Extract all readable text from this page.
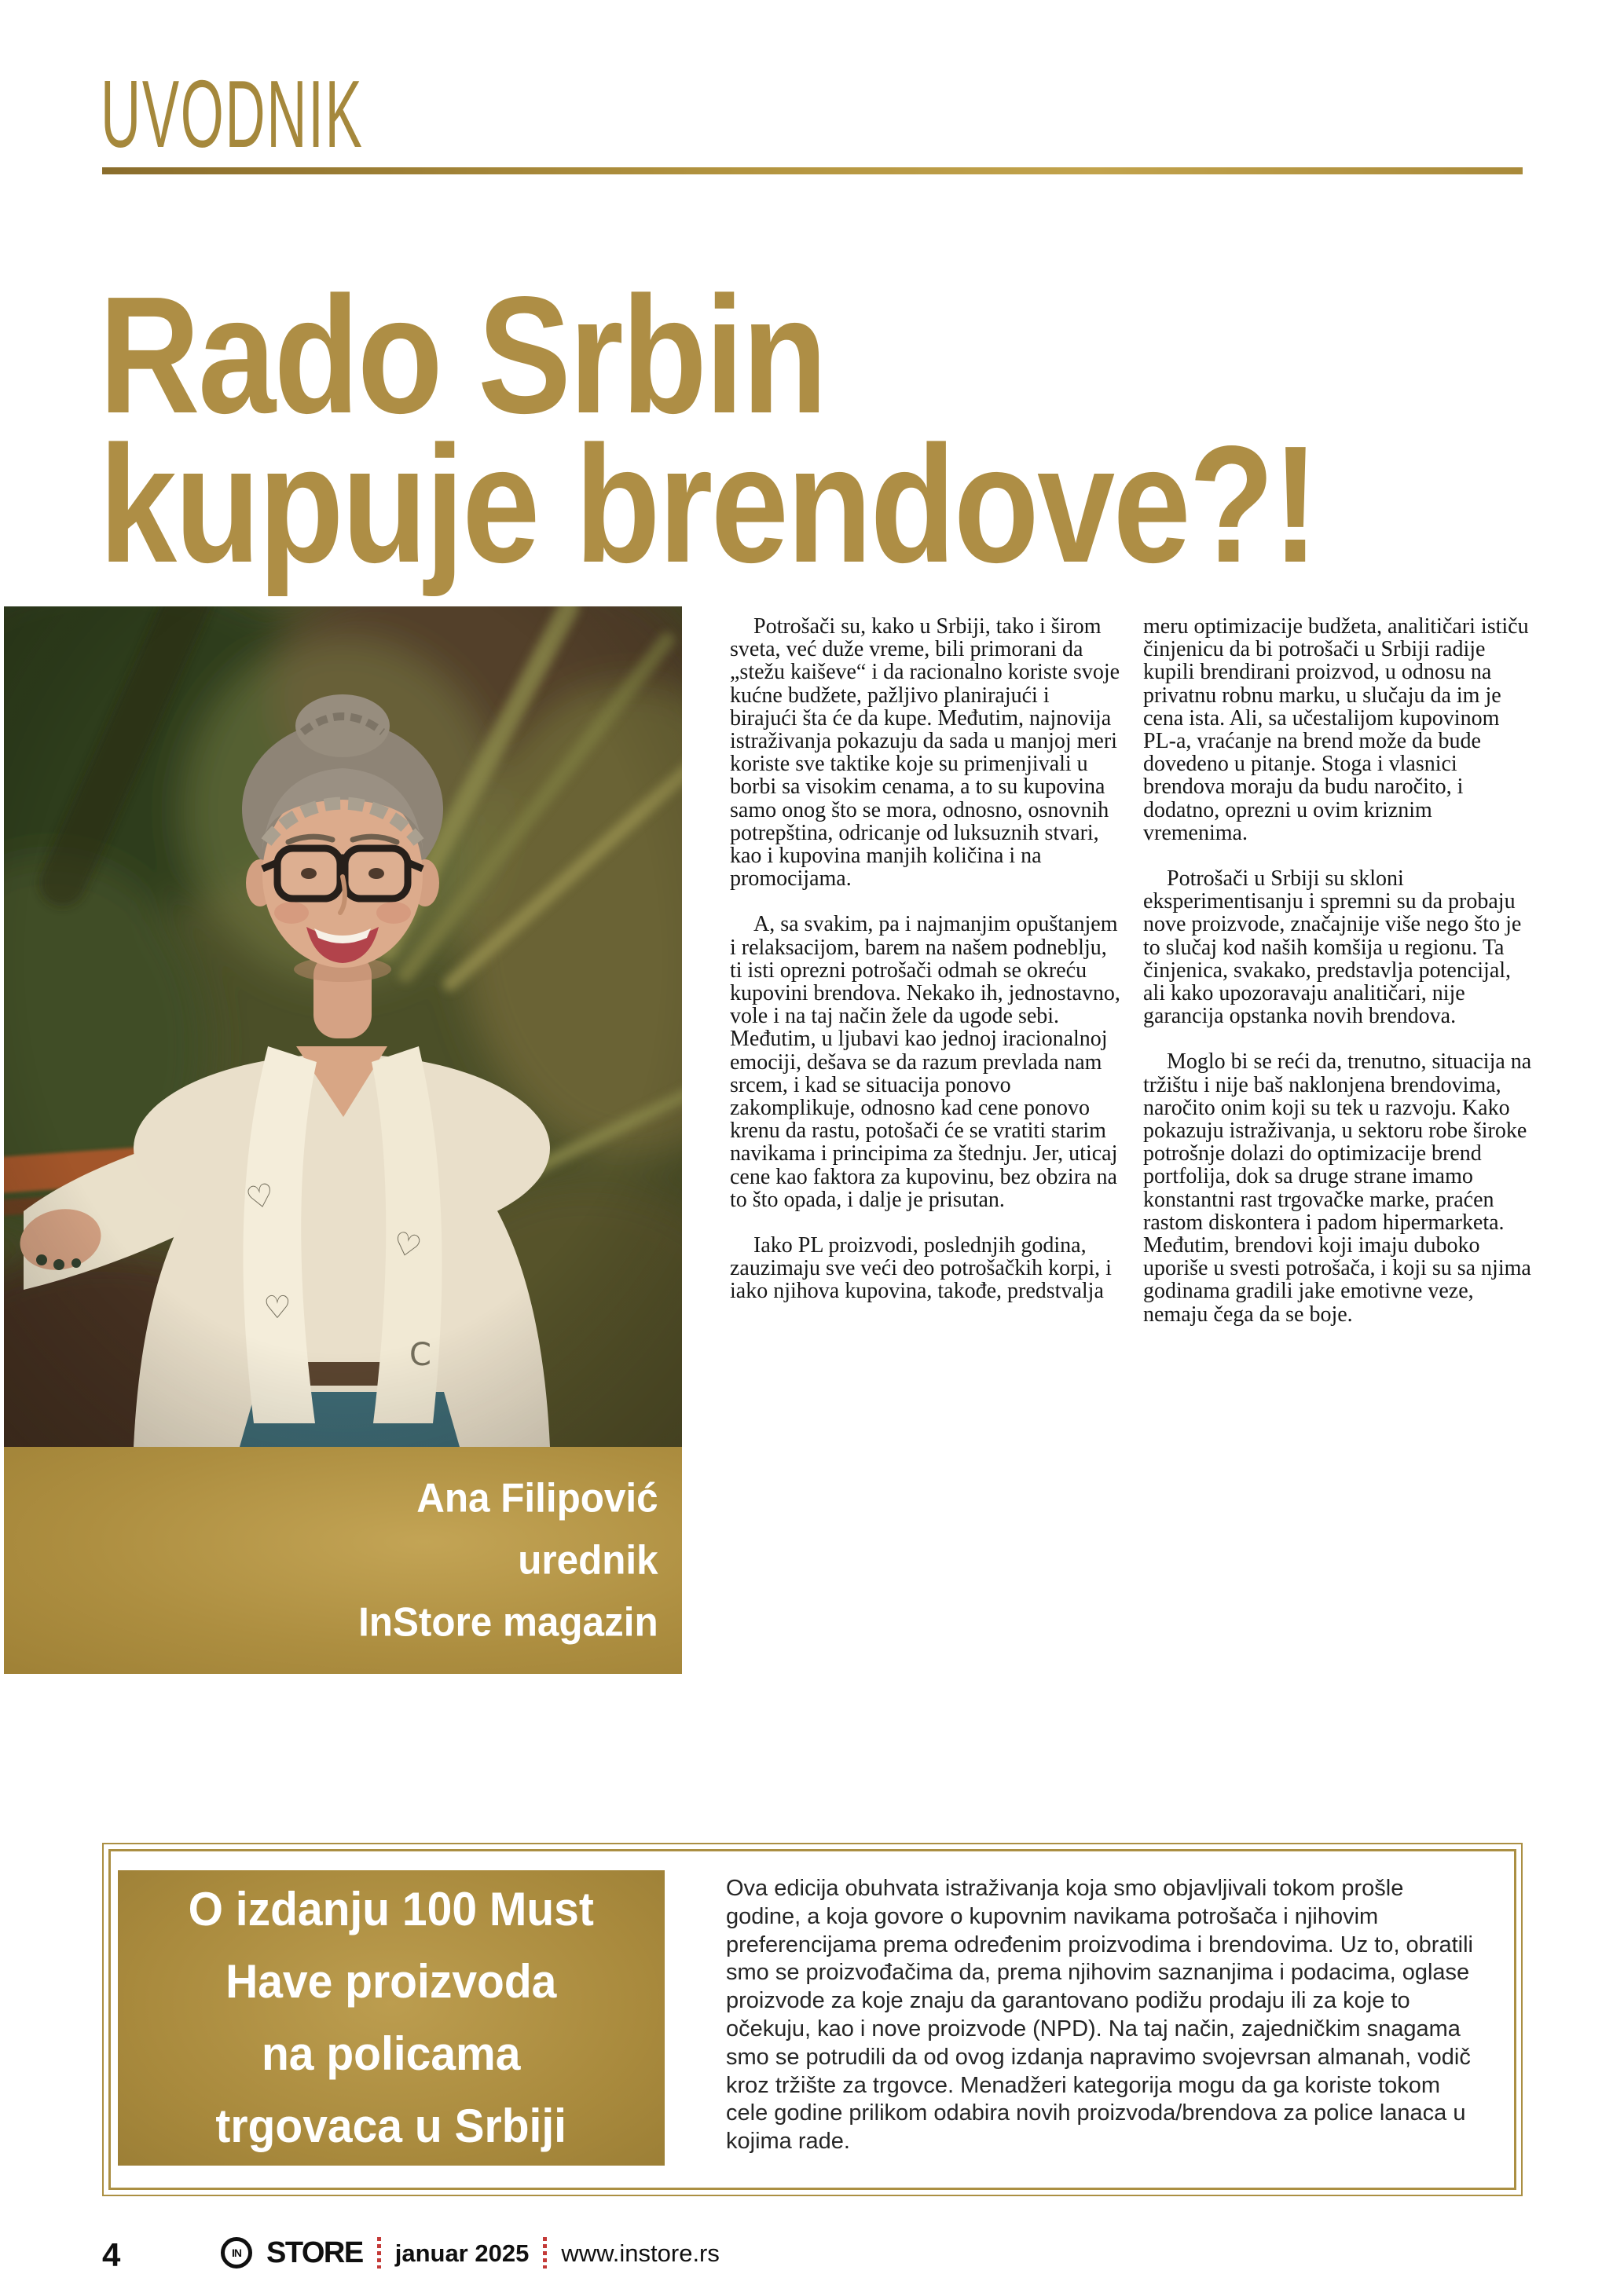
UVODNIK
Rado Srbin
kupuje brendove?!
Ana Filipović
urednik
InStore magazin

Potrošači su, kako u Srbiji, tako i širom sveta, već duže vreme, bili primorani da „stežu kaiševe“ i da racionalno koriste svoje kućne budžete, pažljivo planirajući i birajući šta će da kupe. Međutim, najnovija istraživanja pokazuju da sada u manjoj meri koriste sve taktike koje su primenjivali u borbi sa visokim cenama, a to su kupovina samo onog što se mora, odnosno, osnovnih potrepština, odricanje od luksuznih stvari, kao i kupovina manjih količina i na promocijama.

A, sa svakim, pa i najmanjim opuštanjem i relaksacijom, barem na našem podneblju, ti isti oprezni potrošači odmah se okreću kupovini brendova. Nekako ih, jednostavno, vole i na taj način žele da ugode sebi. Međutim, u ljubavi kao jednoj iracionalnoj emociji, dešava se da razum prevlada nam srcem, i kad se situacija ponovo zakomplikuje, odnosno kad cene ponovo krenu da rastu, potošači će se vratiti starim navikama i principima za štednju. Jer, uticaj cene kao faktora za kupovinu, bez obzira na to što opada, i dalje je prisutan.

Iako PL proizvodi, poslednjih godina, zauzimaju sve veći deo potrošačkih korpi, i iako njihova kupovina, takođe, predstvalja

meru optimizacije budžeta, analitičari ističu činjenicu da bi potrošači u Srbiji radije kupili brendirani proizvod, u odnosu na privatnu robnu marku, u slučaju da im je cena ista. Ali, sa učestalijom kupovinom PL-a, vraćanje na brend može da bude dovedeno u pitanje. Stoga i vlasnici brendova moraju da budu naročito, i dodatno, oprezni u ovim kriznim vremenima.

Potrošači u Srbiji su skloni eksperimentisanju i spremni su da probaju nove proizvode, značajnije više nego što je to slučaj kod naših komšija u regionu. Ta činjenica, svakako, predstavlja potencijal, ali kako upozoravaju analitičari, nije garancija opstanka novih brendova.

Moglo bi se reći da, trenutno, situacija na tržištu i nije baš naklonjena brendovima, naročito onim koji su tek u razvoju. Kako pokazuju istraživanja, u sektoru robe široke potrošnje dolazi do optimizacije brend portfolija, dok sa druge strane imamo konstantni rast trgovačke marke, praćen rastom diskontera i padom hipermarketa. Međutim, brendovi koji imaju duboko uporiše u svesti potrošača, i koji su sa njima godinama gradili jake emotivne veze, nemaju čega da se boje.

O izdanju 100 Must
Have proizvoda
na policama
trgovaca u Srbiji
Ova edicija obuhvata istraživanja koja smo objavljivali tokom prošle godine, a koja govore o kupovnim navikama potrošača i njihovim preferencijama prema određenim proizvodima i brendovima. Uz to, obratili smo se proizvođačima da, prema njihovim saznanjima i podacima, oglase proizvode za koje znaju da garantovano podižu prodaju ili za koje to očekuju, kao i nove proizvode (NPD). Na taj način, zajedničkim snagama smo se potrudili da od ovog izdanja napravimo svojevrsan almanah, vodič kroz tržište za trgovce. Menadžeri kategorija mogu da ga koriste tokom cele godine prilikom odabira novih proizvoda/brendova za police lanaca u kojima rade.
4	IN STORE januar 2025 www.instore.rs
